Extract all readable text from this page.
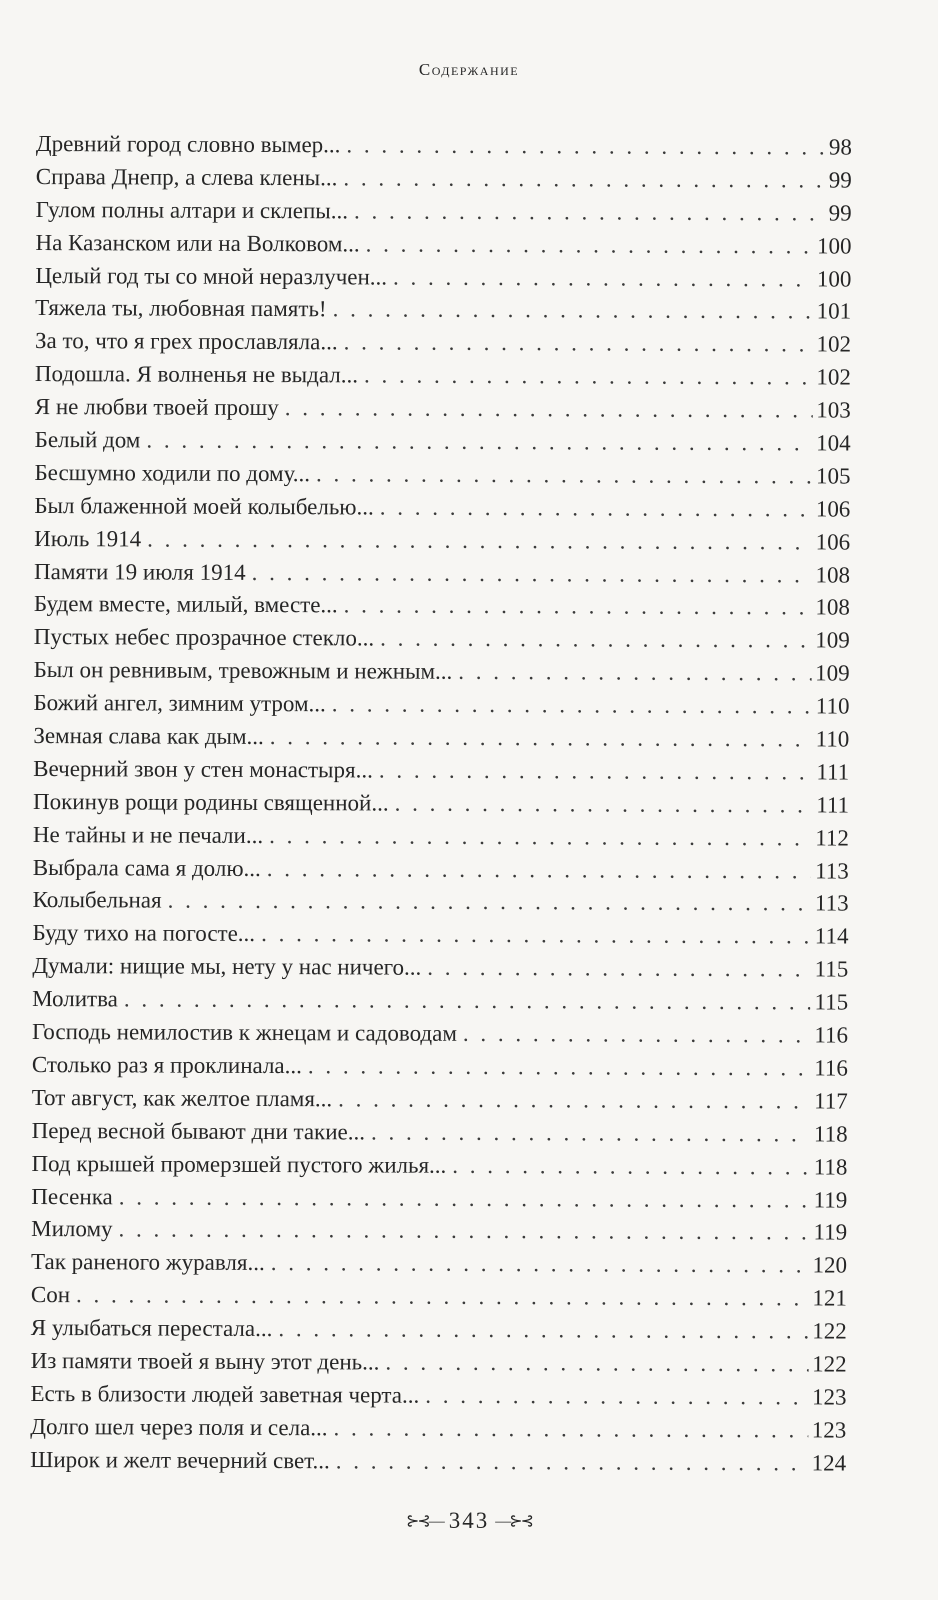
Содержание
Древний город словно вымер... . . .	98
Справа Днепр, а слева клены... . . .	99
Гулом полны алтари и склепы... . . .	99
На Казанском или на Волковом... . . .	100
Целый год ты со мной неразлучен... . . .	100
Тяжела ты, любовная память! . . .	101
За то, что я грех прославляла... . . .	102
Подошла. Я волненья не выдал... . . .	102
Я не любви твоей прошу . . .	103
Белый дом . . .	104
Бесшумно ходили по дому... . . .	105
Был блаженной моей колыбелью... . . .	106
Июль 1914 . . .	106
Памяти 19 июля 1914 . . .	108
Будем вместе, милый, вместе... . . .	108
Пустых небес прозрачное стекло... . . .	109
Был он ревнивым, тревожным и нежным... . . .	109
Божий ангел, зимним утром... . . .	110
Земная слава как дым... . . .	110
Вечерний звон у стен монастыря... . . .	111
Покинув рощи родины священной... . . .	111
Не тайны и не печали... . . .	112
Выбрала сама я долю... . . .	113
Колыбельная . . .	113
Буду тихо на погосте... . . .	114
Думали: нищие мы, нету у нас ничего... . . .	115
Молитва . . .	115
Господь немилостив к жнецам и садоводам . . .	116
Столько раз я проклинала... . . .	116
Тот август, как желтое пламя... . . .	117
Перед весной бывают дни такие... . . .	118
Под крышей промерзшей пустого жилья... . . .	118
Песенка . . .	119
Милому . . .	119
Так раненого журавля... . . .	120
Сон . . .	121
Я улыбаться перестала... . . .	122
Из памяти твоей я выну этот день... . . .	122
Есть в близости людей заветная черта... . . .	123
Долго шел через поля и села... . . .	123
Широк и желт вечерний свет... . . .	124
⊱⊰— 343 —⊱⊰
